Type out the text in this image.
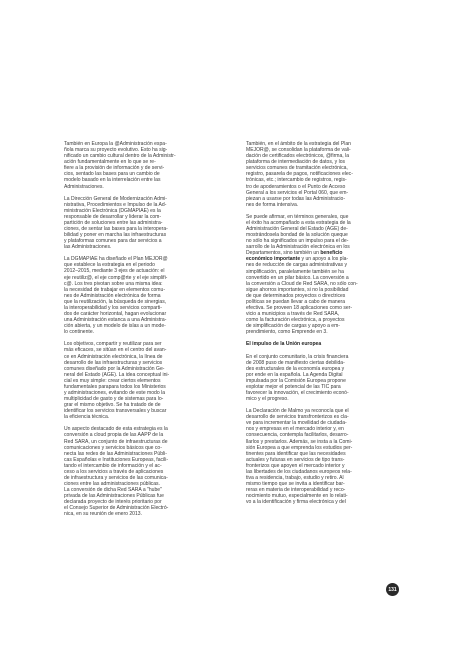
También en Europa la @Administración espa-
ñola marca su proyecto evolutivo. Esto ha sig-
nificado un cambio cultural dentro de la Administr-
ación fundamentalmente en lo que se re-
fiere a la provisión de información y de servi-
cios, sentado las bases para un cambio de
modelo basado en la interrelación entre las
Administraciones.

La Dirección General de Modernización Admi-
nistrativa, Procedimientos e Impulso de la Ad-
ministración Electrónica (DGMAPIAE) es la
responsable de desarrollar y liderar la com-
partición de soluciones entre las administra-
ciones, de sentar las bases para la interopera-
bilidad y poner en marcha las infraestructuras
y plataformas comunes para dar servicios a
las Administraciones.

La DGMAPIAE ha diseñado el Plan MEJOR@
que establece la estrategia en el periodo
2012–2015, mediante 3 ejes de actuación: el
eje reutiliz@, el eje comp@rte y el eje simplifi-
c@. Los tres pivotan sobre una misma idea:
la necesidad de trabajar en elementos comu-
nes de Administración electrónica de forma
que la reutilización, la búsqueda de sinergias,
la interoperabilidad y los servicios comparti-
dos de carácter horizontal, hagan evolucionar
una Administración estanca a una Administra-
ción abierta, y un modelo de islas a un mode-
lo continente.

Los objetivos, compartir y reutilizar para ser
más eficaces, se sitúan en el centro del avan-
ce en Administración electrónica, la línea de
desarrollo de las infraestructuras y servicios
comunes diseñado por la Administración Ge-
neral del Estado (AGE). La idea conceptual ini-
cial es muy simple: crear ciertos elementos
fundamentales parapara todos los Ministerios
y administraciones, evitando de este modo la
multiplicidad de gasto y de sistemas para lo-
grar el mismo objetivo. Se ha tratado de de
identificar los servicios transversales y buscar
la eficiencia técnica.

Un aspecto destacado de esta estrategia es la
conversión a cloud propia de las AAPP de la
Red SARA, un conjunto de infraestructuras de
comunicaciones y servicios básicos que co-
necta las redes de las Administraciones Públi-
cas Españolas e Instituciones Europeas, facili-
tando el intercambio de información y el ac-
ceso a los servicios a través de aplicaciones
de infraestructura y servicios de las comunica-
ciones entre las administraciones públicas.
La conversión de dicha Red SARA a "hube"
privada de las Administraciones Públicas fue
declarada proyecto de interés prioritario por
el Consejo Superior de Administración Electró-
nica, en su reunión de enero 2013.

También, en el ámbito de la estrategia del Plan
MEJOR@, se consolidan la plataforma de vali-
dación de certificados electrónicos, @firma, la
plataforma de intermediación de datos, y los
servicios comunes de tramitación electrónica,
registro, pasarela de pagos, notificaciones elec-
trónicas, etc.; intercambio de registros, regis-
tro de apoderamientos o el Punto de Acceso
General a los servicios el Portal 060, que em-
piezan a usarse por todas las Administracio-
nes de forma intensiva.

Se puede afirmar, en términos generales, que
el éxito ha acompañado a esta estrategia de la
Administración General del Estado (AGE) de-
mostrándosela bondad de la solución queque
no sólo ha significados un impulso para el de-
sarrollo de la Administración electrónica en los
Departamentos, sino también un beneficio
económico importante y un apoyo a los pla-
nes de reducción de cargas administrativas y
simplificación, paralelamente también se ha
convertido en un pilar básico. La conversión a
la conversión a Cloud de Red SARA, no sólo con-
sigue ahorros importantes, si no la posibilidad
de que determinados proyectos o directrices
políticas se puedan llevar a cabo de manera
efectiva. Se proveen 18 aplicaciones como ser-
vicio a municipios a través de Red SARA,
como la facturación electrónica, a proyectos
de simplificación de cargas y apoyo a em-
prendimiento, como Emprende en 3.

El impulso de la Unión europea

En el conjunto comunitario, la crisis financiera
de 2008 puso de manifiesto ciertas debilida-
des estructurales de la economía europea y
por ende en la española. La Agenda Digital
impulsada por la Comisión Europea propone
explotar mejor el potencial de las TIC para
favorecer la innovación, el crecimiento econó-
mico y el progreso.

La Declaración de Malmo ya reconocía que el
desarrollo de servicios transfronterizos es cla-
ve para incrementar la movilidad de ciudada-
nos y empresas en el mercado interior y, en
consecuencia, contempla facilitarlos, desarro-
llarlos y prestarlos. Además, se insta a la Comi-
sión Europea a que emprenda los estudios per-
tinentes para identificar que las necesidades
actuales y futuras en servicios de tipo trans-
fronterizos que apoyen el mercado interior y
las libertades de los ciudadanos europeos rela-
tiva a residencia, trabajo, estudio y retiro. Al
mismo tiempo que se invita a identificar bar-
reras en materia de interoperabilidad y reco-
nocimiento mutuo, especialmente en lo relati-
vo a la identificación y firma electrónica y del

131
